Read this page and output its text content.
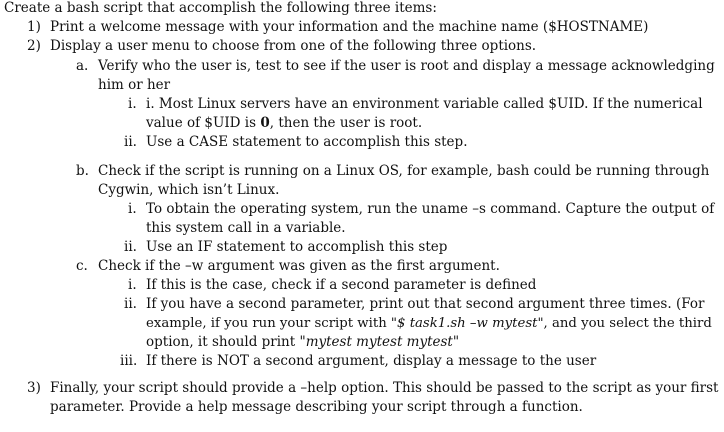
Create a bash script that accomplish the following three items:
1) Print a welcome message with your information and the machine name ($HOSTNAME)
2) Display a user menu to choose from one of the following three options.
a. Verify who the user is, test to see if the user is root and display a message acknowledging
him or her
i. i. Most Linux servers have an environment variable called $UID. If the numerical
value of $UID is 0, then the user is root.
ii. Use a CASE statement to accomplish this step.
b. Check if the script is running on a Linux OS, for example, bash could be running through
Cygwin, which isn’t Linux.
i. To obtain the operating system, run the uname –s command. Capture the output of
this system call in a variable.
ii. Use an IF statement to accomplish this step
c. Check if the –w argument was given as the first argument.
i. If this is the case, check if a second parameter is defined
ii. If you have a second parameter, print out that second argument three times. (For
example, if you run your script with "$ task1.sh –w mytest", and you select the third
option, it should print "mytest mytest mytest"
iii. If there is NOT a second argument, display a message to the user
3) Finally, your script should provide a –help option. This should be passed to the script as your first
parameter. Provide a help message describing your script through a function.
